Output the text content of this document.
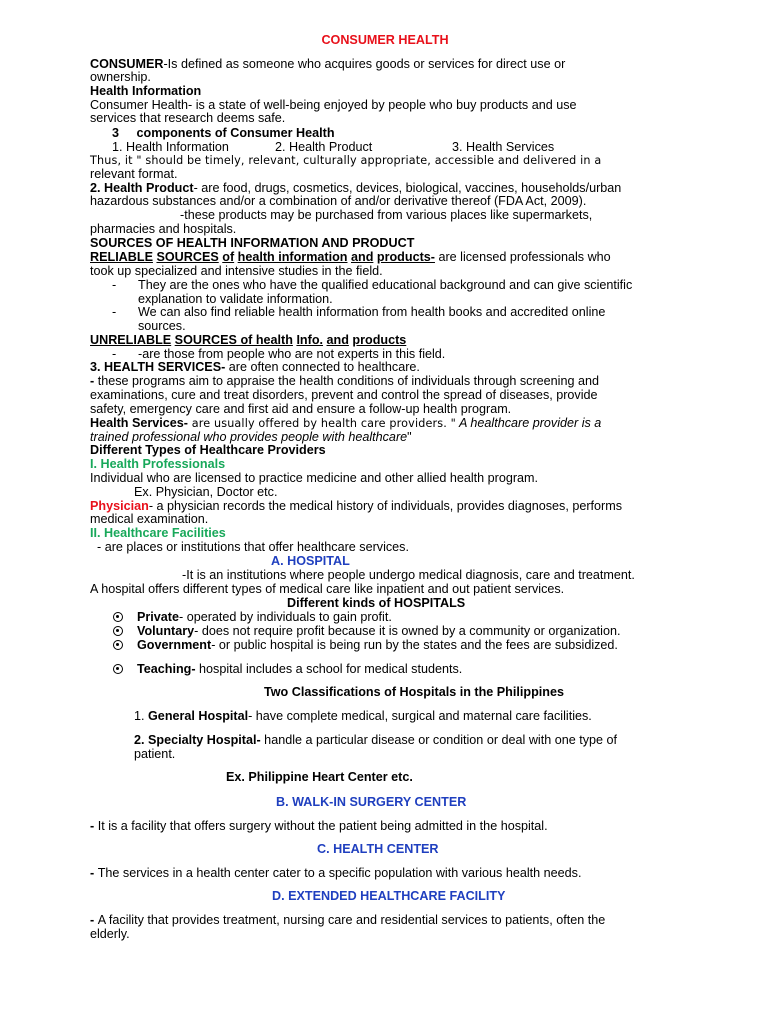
CONSUMER HEALTH
CONSUMER-Is defined as someone who acquires goods or services for direct use or
ownership.
Health Information
Consumer Health- is a state of well-being enjoyed by people who buy products and use
services that research deems safe.
3     components of Consumer Health
1. Health Information	2. Health Product	3. Health Services
Thus, it " should be timely, relevant, culturally appropriate, accessible and delivered in a
relevant format.
2. Health Product- are food, drugs, cosmetics, devices, biological, vaccines, households/urban
hazardous substances and/or a combination of and/or derivative thereof (FDA Act, 2009).
-these products may be purchased from various places like supermarkets,
pharmacies and hospitals.
SOURCES OF HEALTH INFORMATION AND PRODUCT
RELIABLE SOURCES of health information and products- are licensed professionals who
took up specialized and intensive studies in the field.
- They are the ones who have the qualified educational background and can give scientific
explanation to validate information.
- We can also find reliable health information from health books and accredited online
sources.
UNRELIABLE SOURCES of health Info. and products
- -are those from people who are not experts in this field.
3. HEALTH SERVICES- are often connected to healthcare.
- these programs aim to appraise the health conditions of individuals through screening and
examinations, cure and treat disorders, prevent and control the spread of diseases, provide
safety, emergency care and first aid and ensure a follow-up health program.
Health Services- are usually offered by health care providers. " A healthcare provider is a
trained professional who provides people with healthcare"
Different Types of Healthcare Providers
I. Health Professionals
Individual who are licensed to practice medicine and other allied health program.
Ex. Physician, Doctor etc.
Physician- a physician records the medical history of individuals, provides diagnoses, performs
medical examination.
II. Healthcare Facilities
- are places or institutions that offer healthcare services.
A. HOSPITAL
-It is an institutions where people undergo medical diagnosis, care and treatment.
A hospital offers different types of medical care like inpatient and out patient services.
Different kinds of HOSPITALS
Private- operated by individuals to gain profit.
Voluntary- does not require profit because it is owned by a community or organization.
Government- or public hospital is being run by the states and the fees are subsidized.
Teaching- hospital includes a school for medical students.
Two Classifications of Hospitals in the Philippines
1. General Hospital- have complete medical, surgical and maternal care facilities.
2. Specialty Hospital- handle a particular disease or condition or deal with one type of
patient.
Ex. Philippine Heart Center etc.
B. WALK-IN SURGERY CENTER
- It is a facility that offers surgery without the patient being admitted in the hospital.
C. HEALTH CENTER
- The services in a health center cater to a specific population with various health needs.
D. EXTENDED HEALTHCARE FACILITY
- A facility that provides treatment, nursing care and residential services to patients, often the
elderly.
